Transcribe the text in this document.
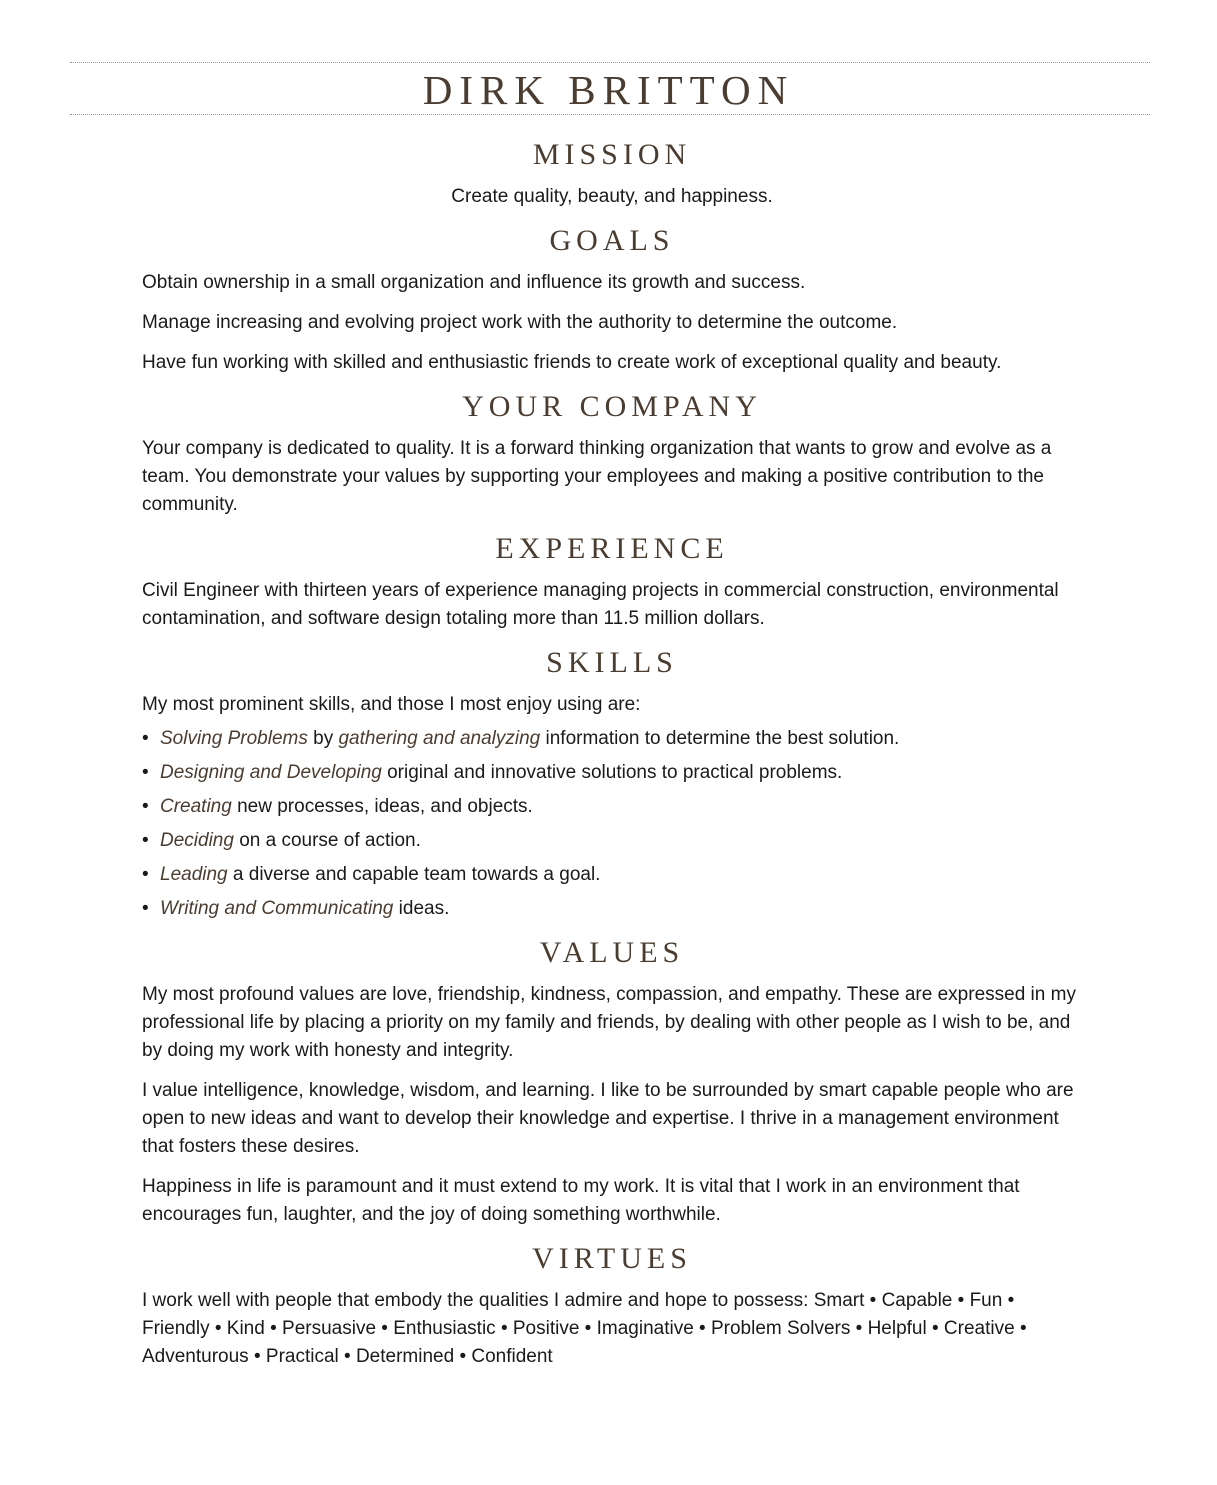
DIRK BRITTON
MISSION

Create quality, beauty, and happiness.

GOALS

Obtain ownership in a small organization and influence its growth and success.

Manage increasing and evolving project work with the authority to determine the outcome.

Have fun working with skilled and enthusiastic friends to create work of exceptional quality and beauty.

YOUR COMPANY

Your company is dedicated to quality. It is a forward thinking organization that wants to grow and evolve as a team. You demonstrate your values by supporting your employees and making a positive contribution to the community.

EXPERIENCE

Civil Engineer with thirteen years of experience managing projects in commercial construction, environmental contamination, and software design totaling more than 11.5 million dollars.

SKILLS

My most prominent skills, and those I most enjoy using are:

• Solving Problems by gathering and analyzing information to determine the best solution.
• Designing and Developing original and innovative solutions to practical problems.
• Creating new processes, ideas, and objects.
• Deciding on a course of action.
• Leading a diverse and capable team towards a goal.
• Writing and Communicating ideas.
VALUES

My most profound values are love, friendship, kindness, compassion, and empathy. These are expressed in my professional life by placing a priority on my family and friends, by dealing with other people as I wish to be, and by doing my work with honesty and integrity.

I value intelligence, knowledge, wisdom, and learning. I like to be surrounded by smart capable people who are open to new ideas and want to develop their knowledge and expertise. I thrive in a management environment that fosters these desires.

Happiness in life is paramount and it must extend to my work. It is vital that I work in an environment that encourages fun, laughter, and the joy of doing something worthwhile.

VIRTUES

I work well with people that embody the qualities I admire and hope to possess: Smart • Capable • Fun • Friendly • Kind • Persuasive • Enthusiastic • Positive • Imaginative • Problem Solvers • Helpful • Creative • Adventurous • Practical • Determined • Confident
